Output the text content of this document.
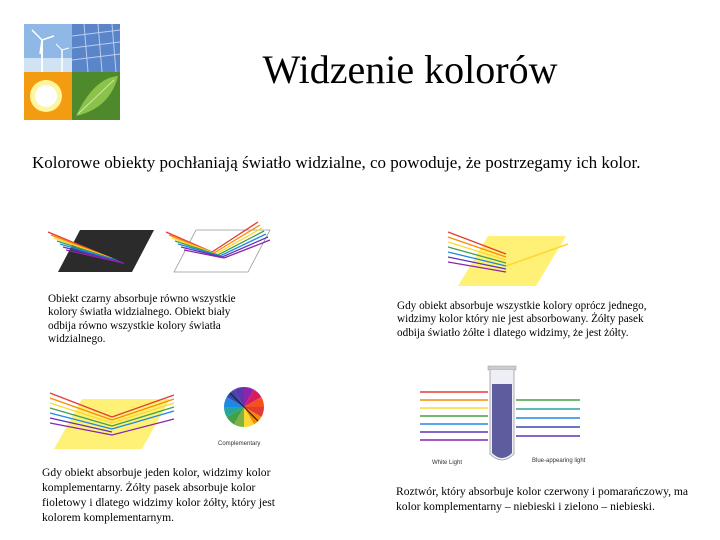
Widzenie kolorów
Kolorowe obiekty pochłaniają światło widzialne, co powoduje, że postrzegamy ich kolor.
Obiekt czarny absorbuje równo wszystkie kolory światła widzialnego. Obiekt biały odbija równo wszystkie kolory światła widzialnego.
Gdy obiekt absorbuje wszystkie kolory oprócz jednego, widzimy kolor który nie jest absorbowany. Żółty pasek odbija światło żółte i dlatego widzimy, że jest żółty.
Complementary
Gdy obiekt absorbuje jeden kolor, widzimy kolor komplementarny. Żółty pasek absorbuje kolor fioletowy i dlatego widzimy kolor żółty, który jest kolorem komplementarnym.
White Light	Blue-appearing light
Roztwór, który absorbuje kolor czerwony i pomarańczowy, ma kolor komplementarny – niebieski i zielono – niebieski.
